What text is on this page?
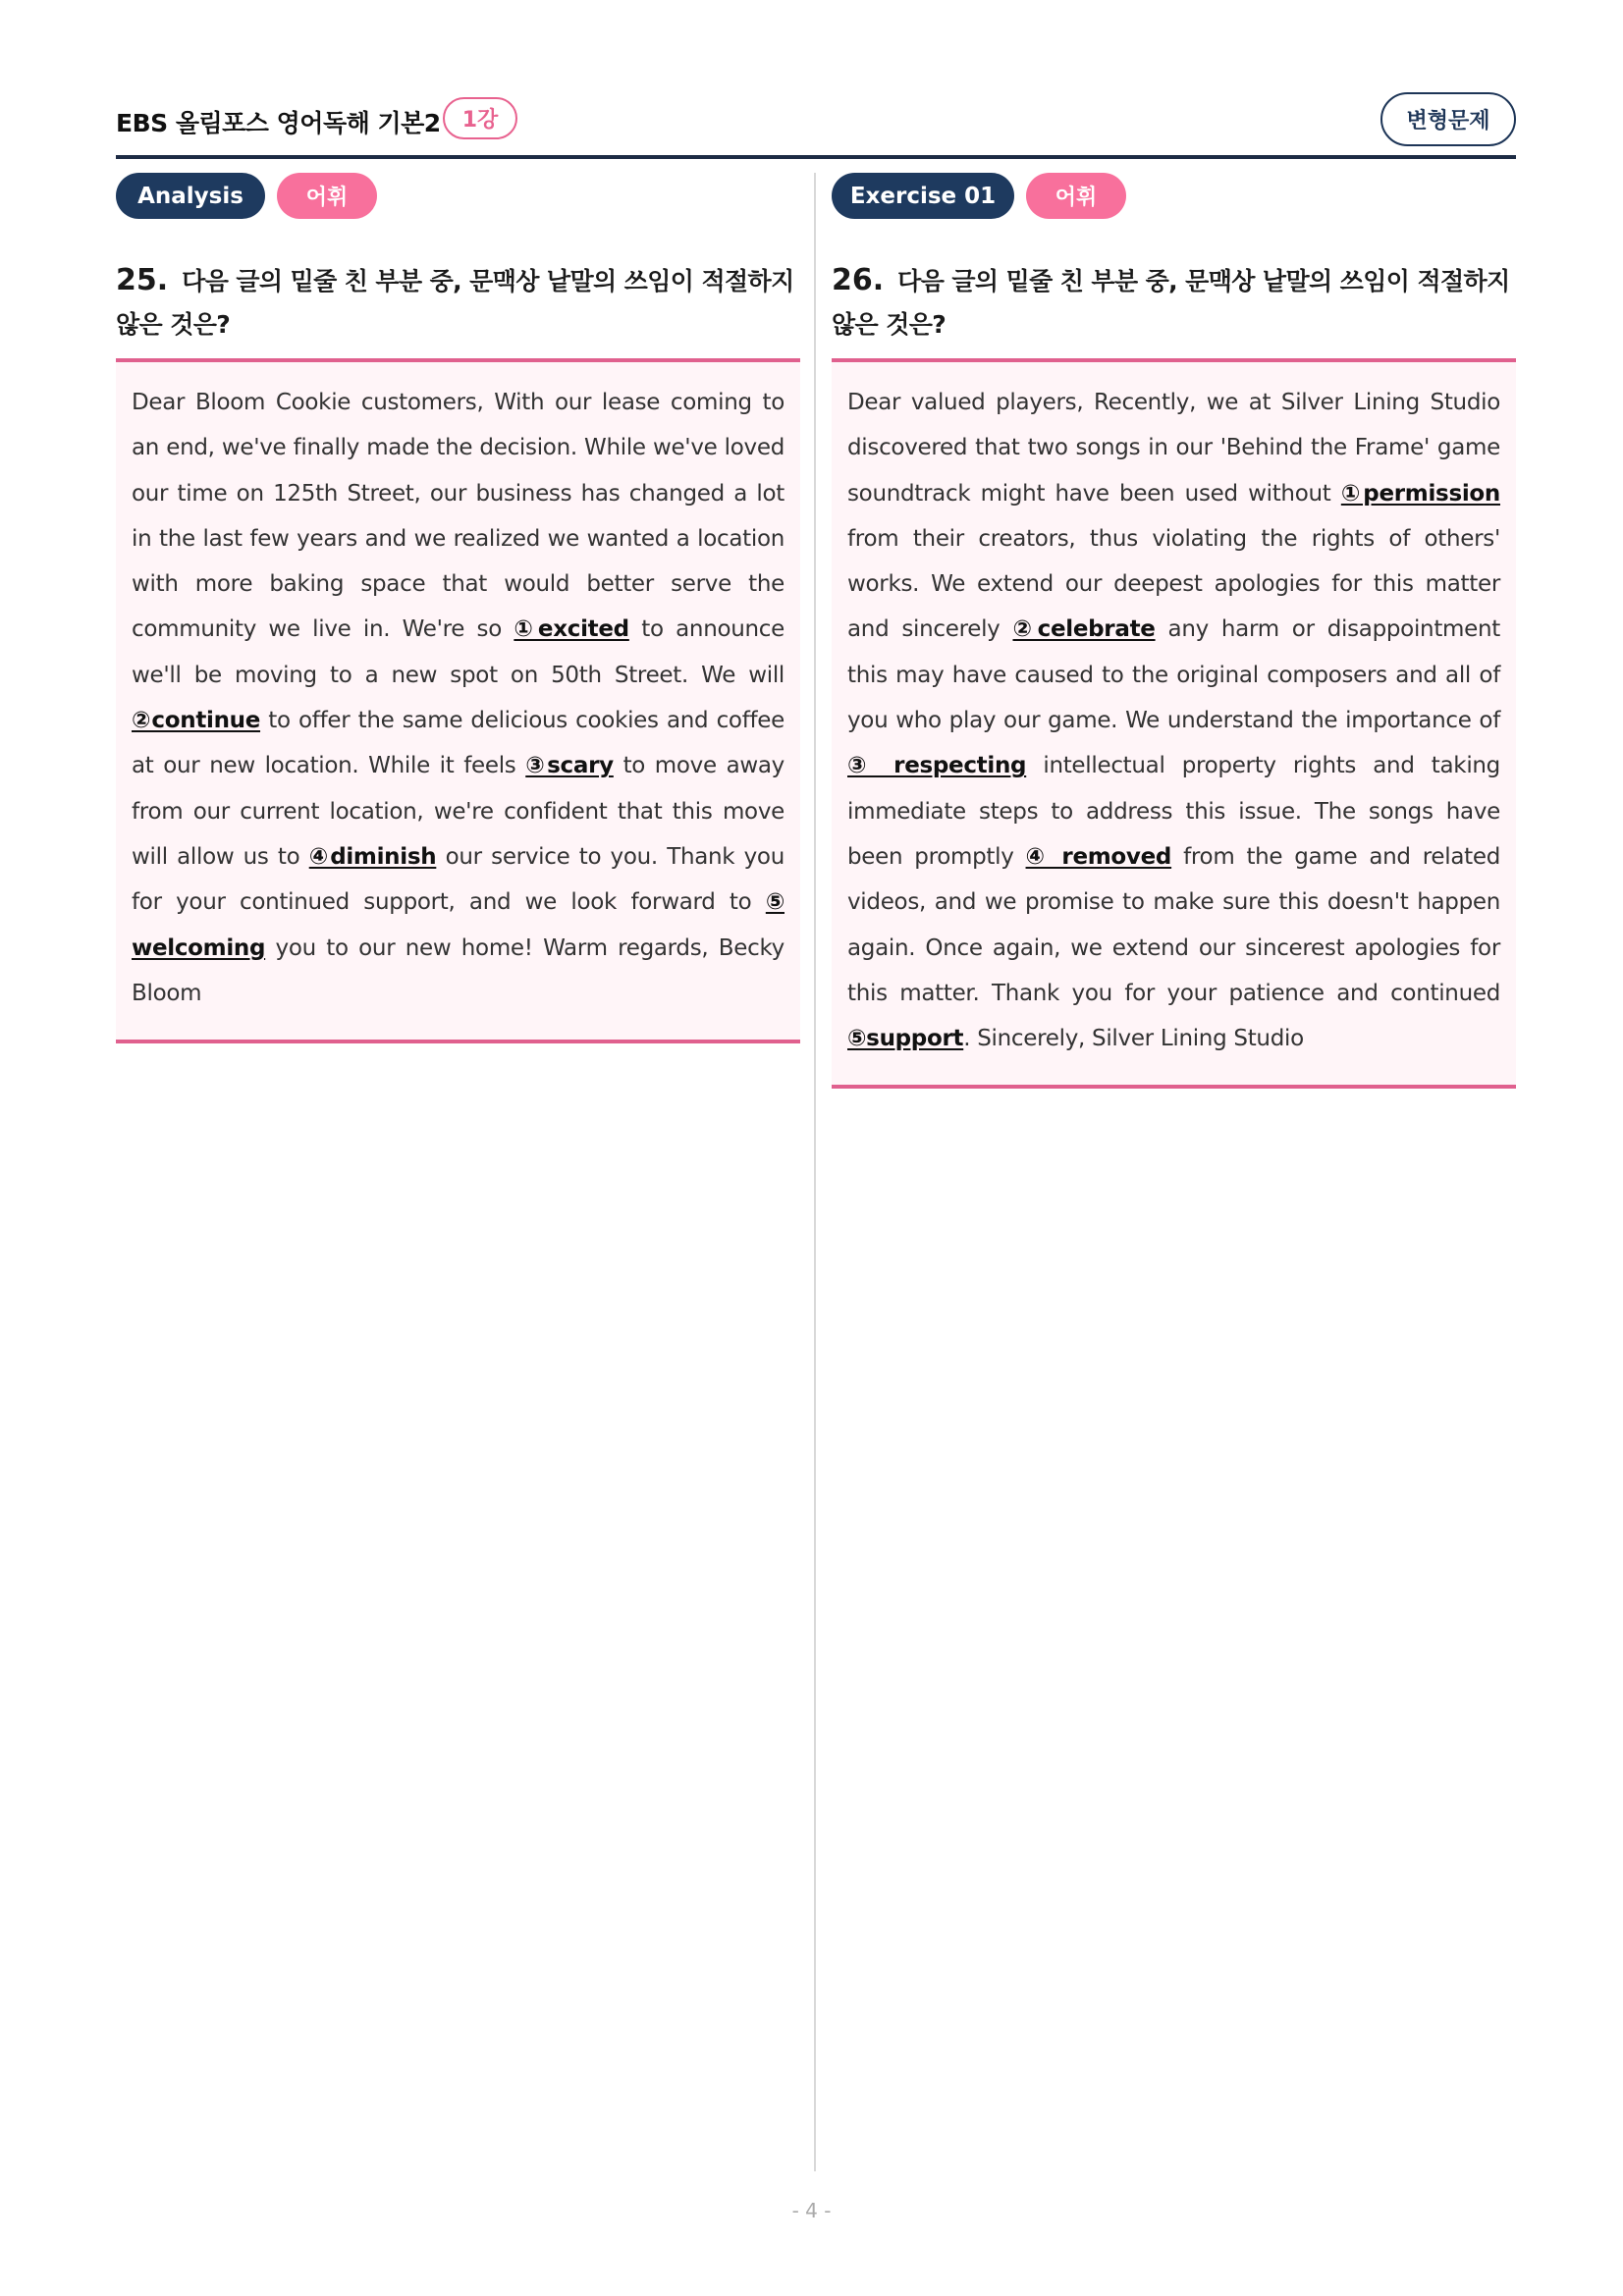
EBS 올림포스 영어독해 기본2	1강	변형문제
Analysis	어휘
25. 다음 글의 밑줄 친 부분 중, 문맥상 낱말의 쓰임이 적절하지 않은 것은?
Dear Bloom Cookie customers, With our lease coming to an end, we've finally made the decision. While we've loved our time on 125th Street, our business has changed a lot in the last few years and we realized we wanted a location with more baking space that would better serve the community we live in. We're so ①excited to announce we'll be moving to a new spot on 50th Street. We will ②continue to offer the same delicious cookies and coffee at our new location. While it feels ③scary to move away from our current location, we're confident that this move will allow us to ④diminish our service to you. Thank you for your continued support, and we look forward to ⑤ welcoming you to our new home! Warm regards, Becky Bloom
Exercise 01	어휘
26. 다음 글의 밑줄 친 부분 중, 문맥상 낱말의 쓰임이 적절하지 않은 것은?
Dear valued players, Recently, we at Silver Lining Studio discovered that two songs in our 'Behind the Frame' game soundtrack might have been used without ①permission from their creators, thus violating the rights of others' works. We extend our deepest apologies for this matter and sincerely ②celebrate any harm or disappointment this may have caused to the original composers and all of you who play our game. We understand the importance of ③ respecting intellectual property rights and taking immediate steps to address this issue. The songs have been promptly ④ removed from the game and related videos, and we promise to make sure this doesn't happen again. Once again, we extend our sincerest apologies for this matter. Thank you for your patience and continued ⑤support. Sincerely, Silver Lining Studio
- 4 -
